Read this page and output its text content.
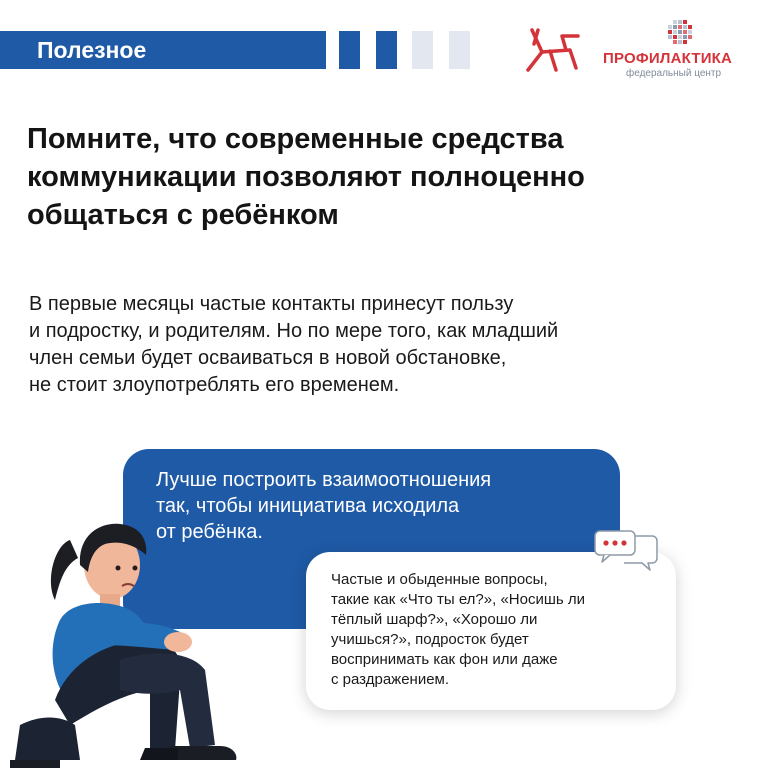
Полезное	ПРОФИЛАКТИКА
федеральный центр
Помните, что современные средства коммуникации позволяют полноценно общаться с ребёнком
В первые месяцы частые контакты принесут пользу
и подростку, и родителям. Но по мере того, как младший
член семьи будет осваиваться в новой обстановке,
не стоит злоупотреблять его временем.
Лучше построить взаимоотношения
так, чтобы инициатива исходила
от ребёнка.
Частые и обыденные вопросы,
такие как «Что ты ел?», «Носишь ли
тёплый шарф?», «Хорошо ли
учишься?», подросток будет
воспринимать как фон или даже
с раздражением.
